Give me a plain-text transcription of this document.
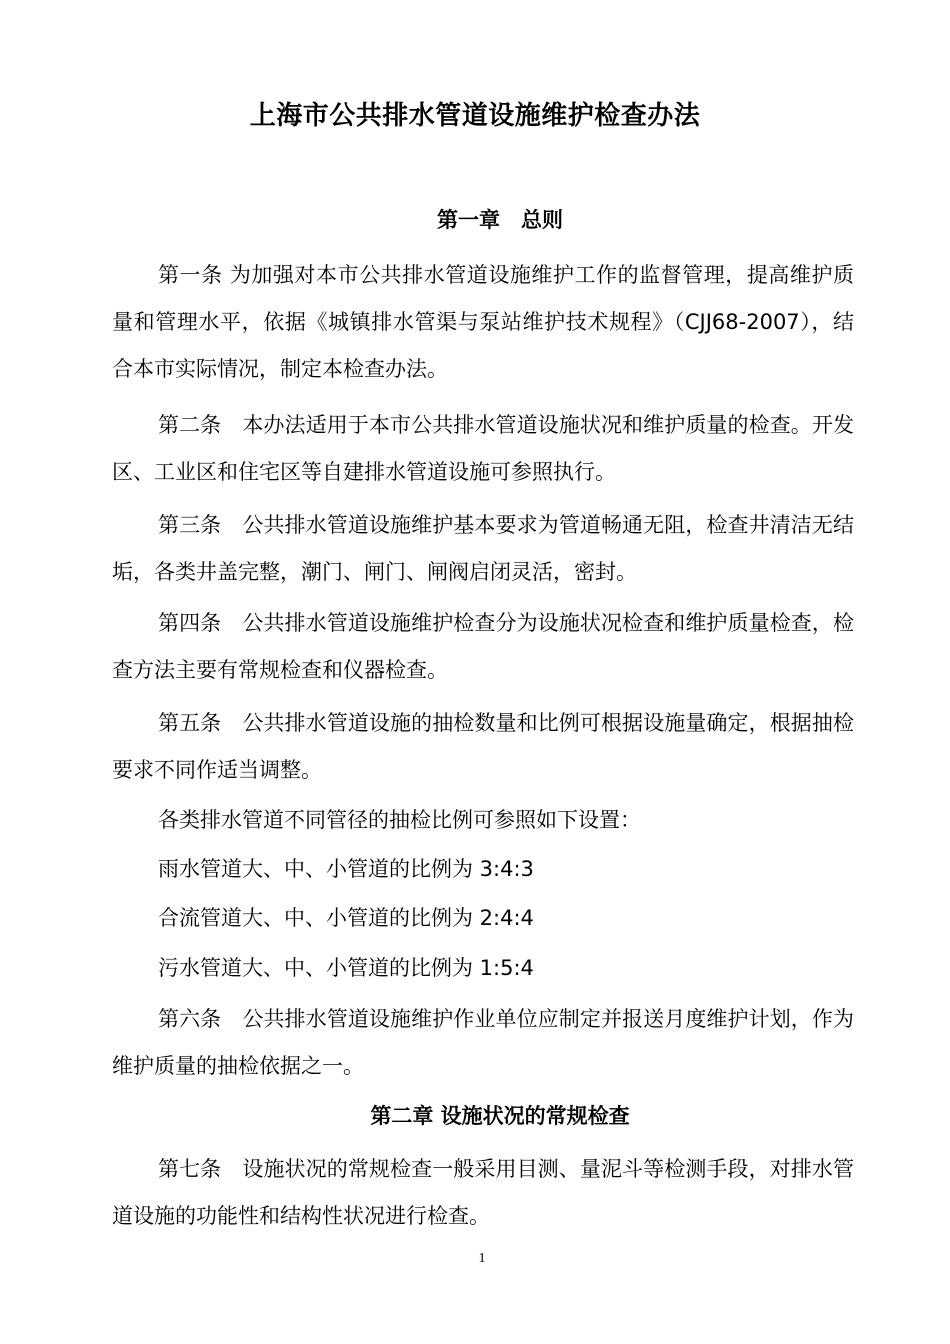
上海市公共排水管道设施维护检查办法
第一章　总则
第一条 为加强对本市公共排水管道设施维护工作的监督管理，提高维护质量和管理水平，依据《城镇排水管渠与泵站维护技术规程》（CJJ68-2007），结合本市实际情况，制定本检查办法。
第二条　本办法适用于本市公共排水管道设施状况和维护质量的检查。开发区、工业区和住宅区等自建排水管道设施可参照执行。
第三条　公共排水管道设施维护基本要求为管道畅通无阻，检查井清洁无结垢，各类井盖完整，潮门、闸门、闸阀启闭灵活，密封。
第四条　公共排水管道设施维护检查分为设施状况检查和维护质量检查，检查方法主要有常规检查和仪器检查。
第五条　公共排水管道设施的抽检数量和比例可根据设施量确定，根据抽检要求不同作适当调整。
各类排水管道不同管径的抽检比例可参照如下设置：
雨水管道大、中、小管道的比例为 3:4:3
合流管道大、中、小管道的比例为 2:4:4
污水管道大、中、小管道的比例为 1:5:4
第六条　公共排水管道设施维护作业单位应制定并报送月度维护计划，作为维护质量的抽检依据之一。
第二章 设施状况的常规检查
第七条　设施状况的常规检查一般采用目测、量泥斗等检测手段，对排水管道设施的功能性和结构性状况进行检查。
1
